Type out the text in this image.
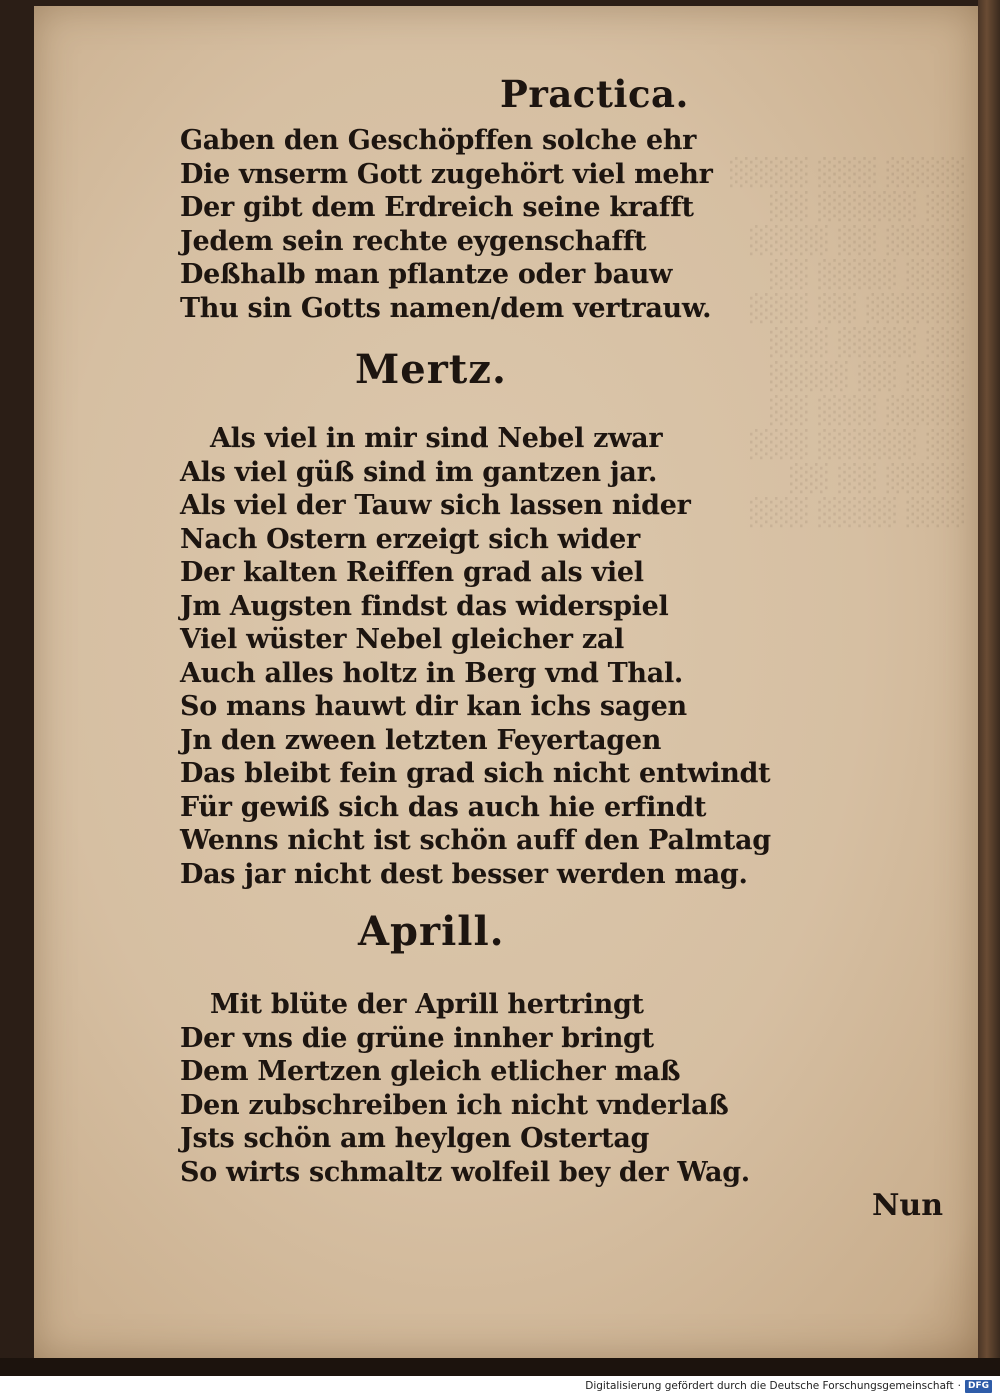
░░░░ ░░░ ░░░░
░░ ░░░░░ ░░
░░░░ ░░ ░░░░
░░░ ░░░░ ░░
░░░░░ ░░ ░░░
░░ ░░░░ ░░░
░░░ ░░ ░░░░
░░░░ ░░░ ░░
░░ ░░░░░ ░░░
░░░░ ░░ ░░
░░░ ░░░░ ░░░
Practica.
Gaben den Geschöpffen solche ehr
Die vnserm Gott zugehört viel mehr
Der gibt dem Erdreich seine krafft
Jedem sein rechte eygenschafft
Deßhalb man pflantze oder bauw
Thu sin Gotts namen/dem vertrauw.
Mertz.
Als viel in mir sind Nebel zwar
Als viel güß sind im gantzen jar.
Als viel der Tauw sich lassen nider
Nach Ostern erzeigt sich wider
Der kalten Reiffen grad als viel
Jm Augsten findst das widerspiel
Viel wüster Nebel gleicher zal
Auch alles holtz in Berg vnd Thal.
So mans hauwt dir kan ichs sagen
Jn den zween letzten Feyertagen
Das bleibt fein grad sich nicht entwindt
Für gewiß sich das auch hie erfindt
Wenns nicht ist schön auff den Palmtag
Das jar nicht dest besser werden mag.
Aprill.
Mit blüte der Aprill hertringt
Der vns die grüne innher bringt
Dem Mertzen gleich etlicher maß
Den zubschreiben ich nicht vnderlaß
Jsts schön am heylgen Ostertag
So wirts schmaltz wolfeil bey der Wag.
Nun
Digitalisierung gefördert durch die Deutsche Forschungsgemeinschaft · DFG
